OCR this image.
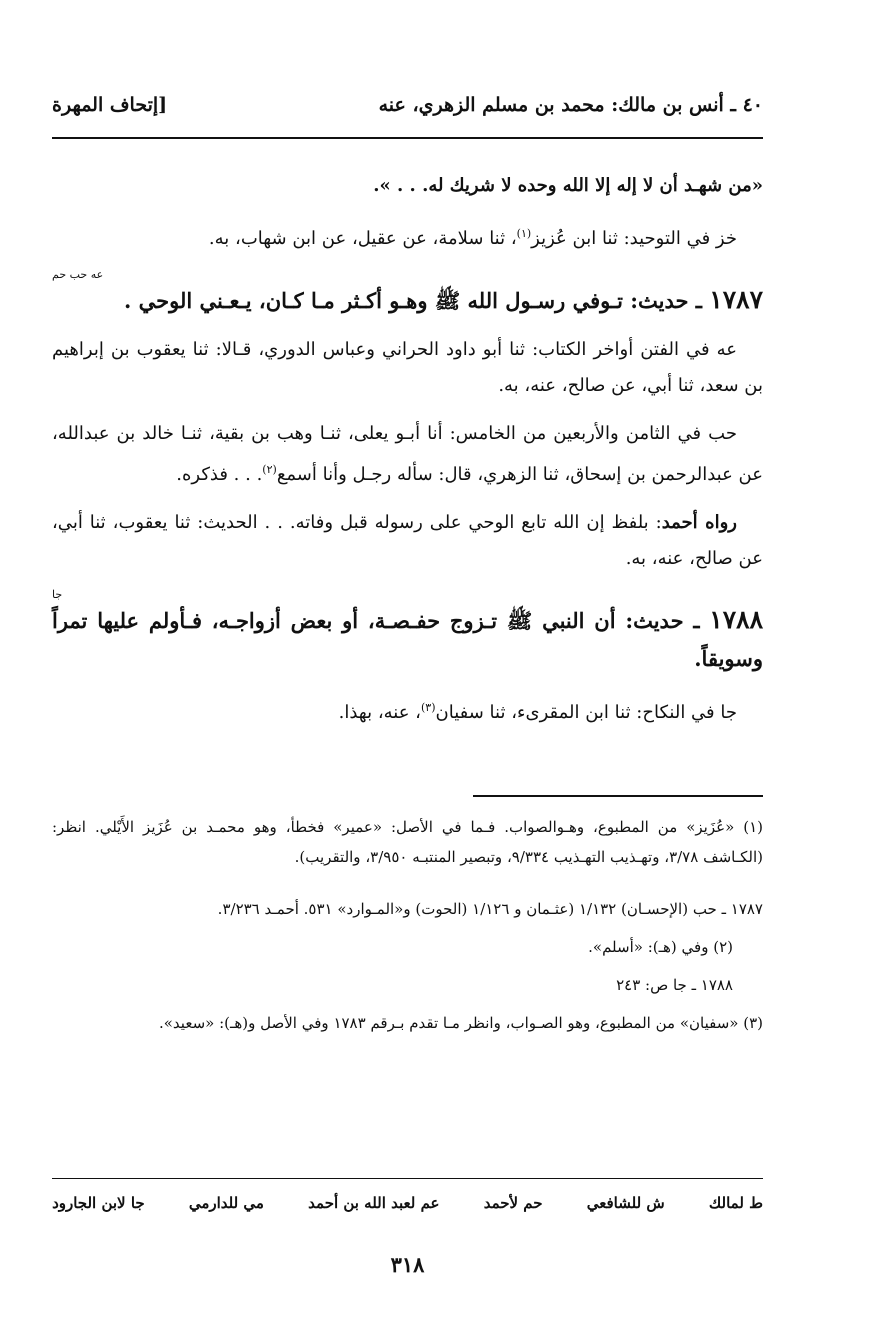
٤٠ ـ أنس بن مالك: محمد بن مسلم الزهري، عنه
[إتحاف المهرة

«من شهـد أن لا إله إلا الله وحده لا شريك له. . . ».

خز في التوحيد: ثنا ابن عُزيز$^{(١)}$، ثنا سلامة، عن عقيل، عن ابن شهاب، به.

عه حب حم
١٧٨٧ ـ حديث: تـوفي رسـول الله ﷺ وهـو أكـثر مـا كـان، يـعـني الوحي .

عه في الفتن أواخر الكتاب: ثنا أبو داود الحراني وعباس الدوري، قـالا: ثنا يعقوب بن إبراهيم بن سعد، ثنا أبي، عن صالح، عنه، به.

حب في الثامن والأربعين من الخامس: أنا أبـو يعلى، ثنـا وهب بن بقية، ثنـا خالد بن عبدالله، عن عبدالرحمن بن إسحاق، ثنا الزهري، قال: سأله رجـل وأنا أسمع$^{(٢)}$. . . فذكره.

رواه أحمد: بلفظ إن الله تابع الوحي على رسوله قبل وفاته. . . الحديث: ثنا يعقوب، ثنا أبي، عن صالح، عنه، به.

جا
١٧٨٨ ـ حديث: أن النبي ﷺ تـزوج حفـصـة، أو بعض أزواجـه، فـأولم عليها تمراً وسويقاً.

جا في النكاح: ثنا ابن المقرىء، ثنا سفيان$^{(٣)}$، عنه، بهذا.

(١) «عُزَيز» من المطبوع، وهـوالصواب. فـما في الأصل: «عمير» فخطأ، وهو محمـد بن عُزَيز الأَيْلي. انظر: (الكـاشف ٣/٧٨، وتهـذيب التهـذيب ٩/٣٣٤، وتبصير المنتبـه ٣/٩٥٠، والتقريب).

١٧٨٧ ـ حب (الإحسـان) ١/١٣٢ (عثـمان و ١/١٢٦ (الحوت) و«المـوارد» ٥٣١. أحمـد ٣/٢٣٦.

(٢) وفي (هـ): «أسلم».

١٧٨٨ ـ جا ص: ٢٤٣

(٣) «سفيان» من المطبوع، وهو الصـواب، وانظر مـا تقدم بـرقم ١٧٨٣ وفي الأصل و(هـ): «سعيد».

ط لمالك
ش للشافعي
حم لأحمد
عم لعبد الله بن أحمد
مي للدارمي
جا لابن الجارود
٣١٨
